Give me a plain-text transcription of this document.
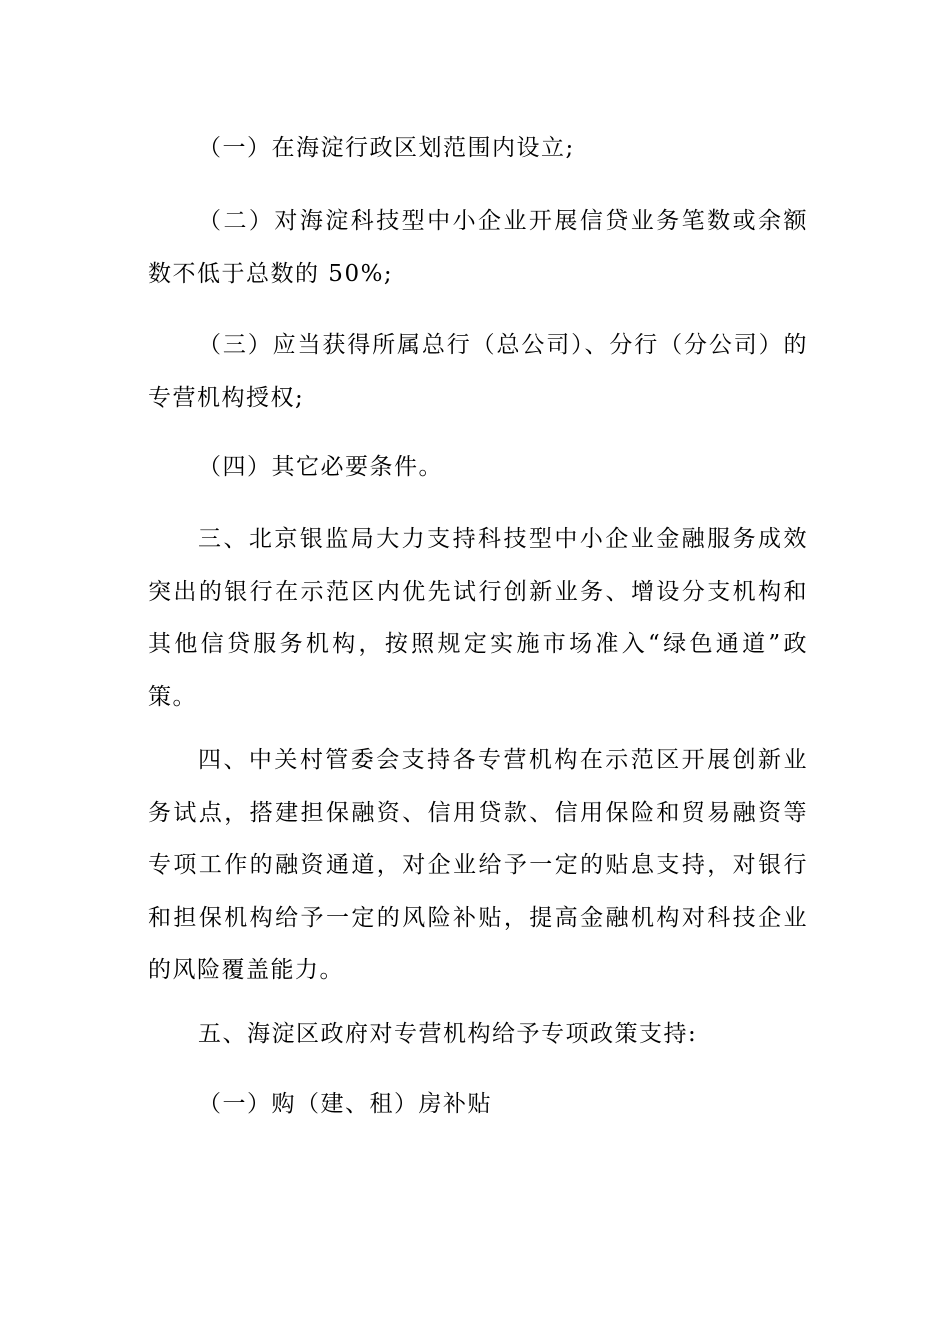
（一）在海淀行政区划范围内设立;

（二）对海淀科技型中小企业开展信贷业务笔数或余额数不低于总数的 50%;

（三）应当获得所属总行（总公司）、分行（分公司）的专营机构授权;

（四）其它必要条件。

三、北京银监局大力支持科技型中小企业金融服务成效突出的银行在示范区内优先试行创新业务、增设分支机构和其他信贷服务机构，按照规定实施市场准入“绿色通道”政策。

四、中关村管委会支持各专营机构在示范区开展创新业务试点，搭建担保融资、信用贷款、信用保险和贸易融资等专项工作的融资通道，对企业给予一定的贴息支持，对银行和担保机构给予一定的风险补贴，提高金融机构对科技企业的风险覆盖能力。

五、海淀区政府对专营机构给予专项政策支持:

（一）购（建、租）房补贴
